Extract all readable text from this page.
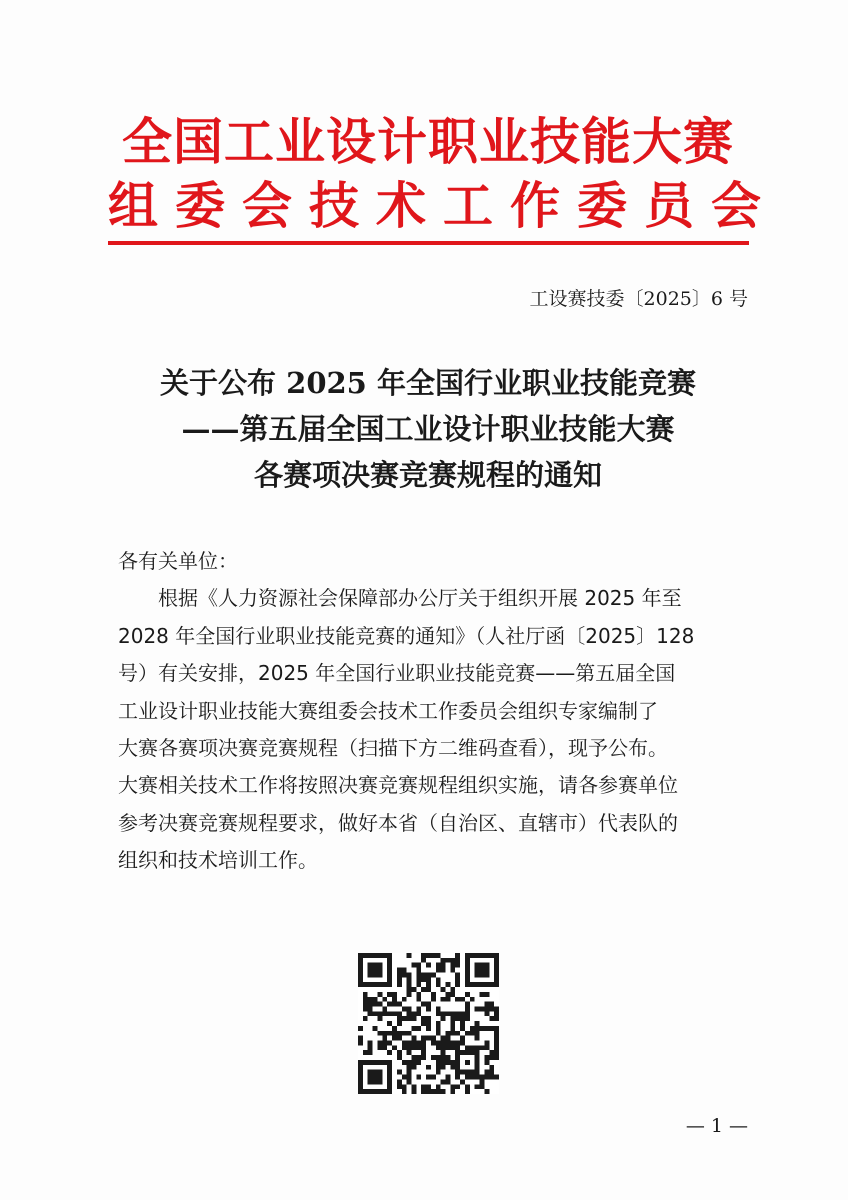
全国工业设计职业技能大赛
组委会技术工作委员会
工设赛技委〔2025〕6 号
关于公布 2025 年全国行业职业技能竞赛
——第五届全国工业设计职业技能大赛
各赛项决赛竞赛规程的通知
各有关单位：
根据《人力资源社会保障部办公厅关于组织开展 2025 年至
2028 年全国行业职业技能竞赛的通知》（人社厅函〔2025〕128
号）有关安排，2025 年全国行业职业技能竞赛——第五届全国
工业设计职业技能大赛组委会技术工作委员会组织专家编制了
大赛各赛项决赛竞赛规程（扫描下方二维码查看），现予公布。
大赛相关技术工作将按照决赛竞赛规程组织实施，请各参赛单位
参考决赛竞赛规程要求，做好本省（自治区、直辖市）代表队的
组织和技术培训工作。
— 1 —
